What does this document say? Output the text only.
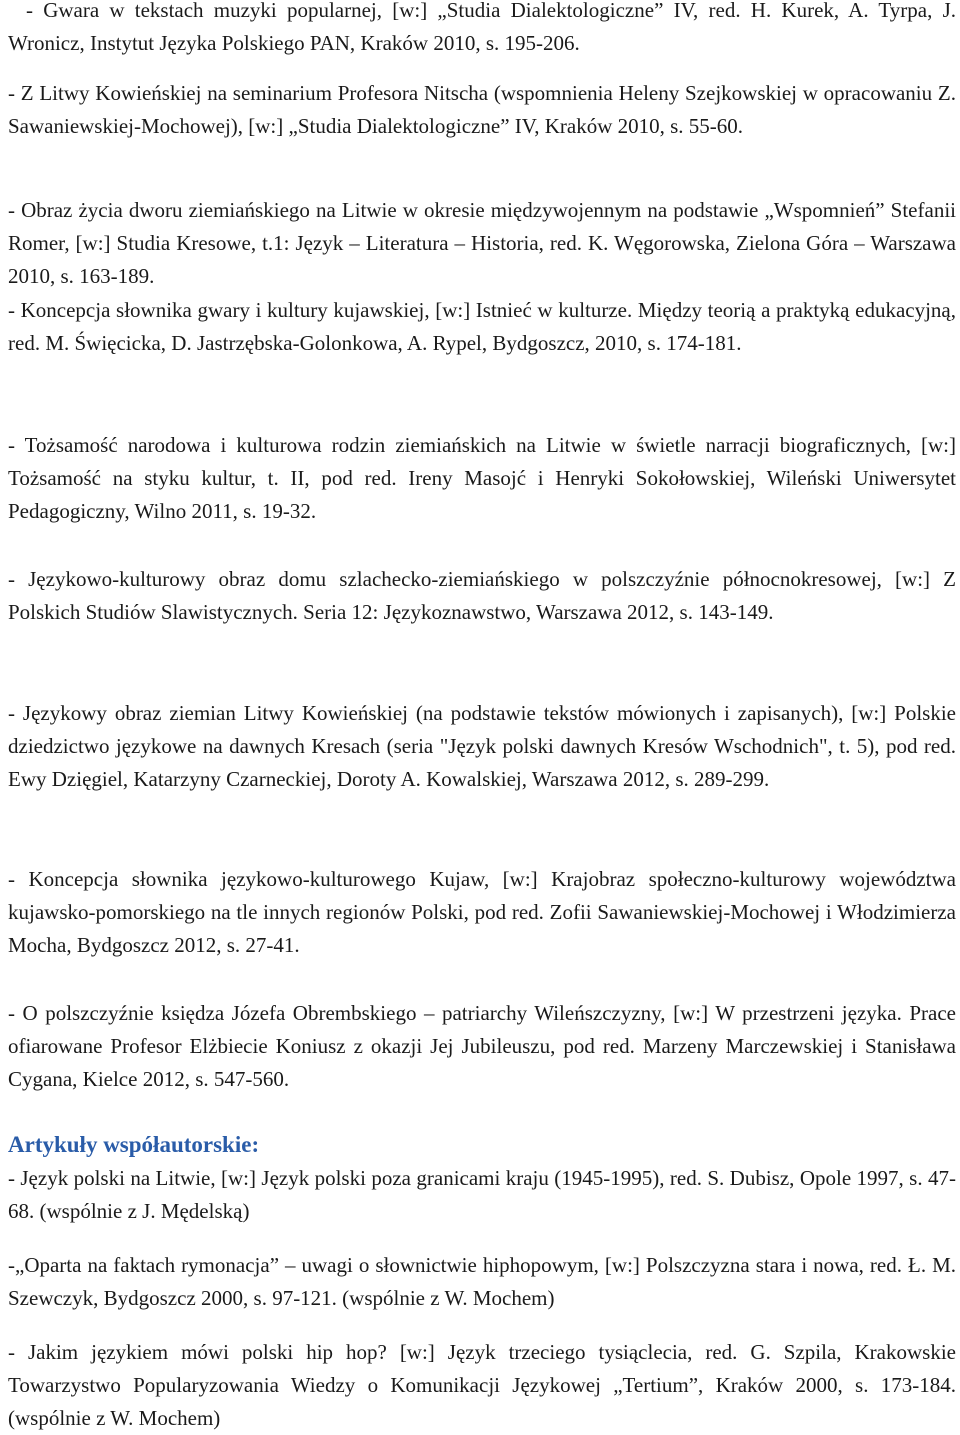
- Gwara w tekstach muzyki popularnej, [w:] „Studia Dialektologiczne” IV, red. H. Kurek, A. Tyrpa, J. Wronicz, Instytut Języka Polskiego PAN, Kraków 2010, s. 195-206.

- Z Litwy Kowieńskiej na seminarium Profesora Nitscha (wspomnienia Heleny Szejkowskiej w opracowaniu Z. Sawaniewskiej-Mochowej), [w:] „Studia Dialektologiczne” IV, Kraków 2010, s. 55-60.

- Obraz życia dworu ziemiańskiego na Litwie w okresie międzywojennym na podstawie „Wspomnień” Stefanii Romer, [w:] Studia Kresowe, t.1: Język – Literatura – Historia, red. K. Węgorowska, Zielona Góra – Warszawa 2010, s. 163-189.

- Koncepcja słownika gwary i kultury kujawskiej, [w:] Istnieć w kulturze. Między teorią a praktyką edukacyjną, red. M. Święcicka, D. Jastrzębska-Golonkowa, A. Rypel, Bydgoszcz, 2010, s. 174-181.

- Tożsamość narodowa i kulturowa rodzin ziemiańskich na Litwie w świetle narracji biograficznych, [w:] Tożsamość na styku kultur, t. II, pod red. Ireny Masojć i Henryki Sokołowskiej, Wileński Uniwersytet Pedagogiczny, Wilno 2011, s. 19-32.

- Językowo-kulturowy obraz domu szlachecko-ziemiańskiego w polszczyźnie północnokresowej, [w:] Z Polskich Studiów Slawistycznych. Seria 12: Językoznawstwo, Warszawa 2012, s. 143-149.

- Językowy obraz ziemian Litwy Kowieńskiej (na podstawie tekstów mówionych i zapisanych), [w:] Polskie dziedzictwo językowe na dawnych Kresach (seria "Język polski dawnych Kresów Wschodnich", t. 5), pod red. Ewy Dzięgiel, Katarzyny Czarneckiej, Doroty A. Kowalskiej, Warszawa 2012, s. 289-299.

- Koncepcja słownika językowo-kulturowego Kujaw, [w:] Krajobraz społeczno-kulturowy województwa kujawsko-pomorskiego na tle innych regionów Polski, pod red. Zofii Sawaniewskiej-Mochowej i Włodzimierza Mocha, Bydgoszcz 2012, s. 27-41.

- O polszczyźnie księdza Józefa Obrembskiego – patriarchy Wileńszczyzny, [w:] W przestrzeni języka. Prace ofiarowane Profesor Elżbiecie Koniusz z okazji Jej Jubileuszu, pod red. Marzeny Marczewskiej i Stanisława Cygana, Kielce 2012, s. 547-560.

Artykuły współautorskie:

- Język polski na Litwie, [w:] Język polski poza granicami kraju (1945-1995), red. S. Dubisz, Opole 1997, s. 47-68. (wspólnie z J. Mędelską)

-„Oparta na faktach rymonacja” – uwagi o słownictwie hiphopowym, [w:] Polszczyzna stara i nowa, red. Ł. M. Szewczyk, Bydgoszcz 2000, s. 97-121. (wspólnie z W. Mochem)

- Jakim językiem mówi polski hip hop? [w:] Język trzeciego tysiąclecia, red. G. Szpila, Krakowskie Towarzystwo Popularyzowania Wiedzy o Komunikacji Językowej „Tertium”, Kraków 2000, s. 173-184. (wspólnie z W. Mochem)
